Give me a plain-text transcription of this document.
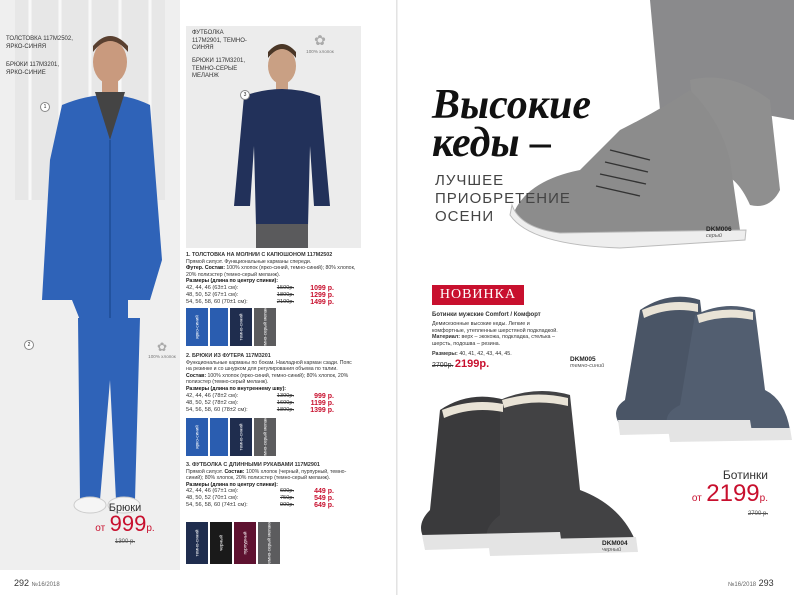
ТОЛСТОВКА 117M2502, ЯРКО-СИНЯЯ
БРЮКИ 117M3201, ЯРКО-СИНИЕ
1
2	✿
100% хлопок
Брюки
от 999р.
1300 р.
ФУТБОЛКА 117M2901, ТЕМНО-СИНЯЯ
БРЮКИ 117M3201, ТЕМНО-СЕРЫЕ МЕЛАНЖ
✿
100% хлопок
3
1. ТОЛСТОВКА НА МОЛНИИ С КАПЮШОНОМ 117M2502
Прямой силуэт. Функциональные карманы спереди.
Футер. Состав: 100% хлопок (ярко-синий, темно-синий); 80% хлопок, 20% полиэстер (темно-серый меланж).
Размеры (длина по центру спинки):
42, 44, 46 (63±1 см):	1500р.	1099 р.
48, 50, 52 (67±1 см):	1800р.	1299 р.
54, 56, 58, 60 (70±1 см):	2100р.	1499 р.
ярко-синий	темно-синий	темно-серый меланж
2. БРЮКИ ИЗ ФУТЕРА 117M3201
Функциональные карманы по бокам. Накладной карман сзади. Пояс на резинке и со шнурком для регулирования объема по талии.
Состав: 100% хлопок (ярко-синий, темно-синий); 80% хлопок, 20% полиэстер (темно-серый меланж).
Размеры (длина по внутреннему шву):
42, 44, 46 (78±2 см):	1300р.	999 р.
48, 50, 52 (78±2 см):	1600р.	1199 р.
54, 56, 58, 60 (78±2 см):	1800р.	1399 р.
ярко-синий	темно-синий	темно-серый меланж
3. ФУТБОЛКА С ДЛИННЫМИ РУКАВАМИ 117M2901
Прямой силуэт. Состав: 100% хлопок (черный, пурпурный, темно-синий); 80% хлопок, 20% полиэстер (темно-серый меланж).
Размеры (длина по центру спинки):
42, 44, 46 (67±1 см):	600р.	449 р.
48, 50, 52 (70±1 см):	750р.	549 р.
54, 56, 58, 60 (74±1 см):	900р.	649 р.
темно-синий	черный	пурпурный	темно-серый меланж
292 №16/2018
DKM006
серый
Высокие
кеды –
ЛУЧШЕЕ
ПРИОБРЕТЕНИЕ
ОСЕНИ
НОВИНКА
Ботинки мужские Comfort / Комфорт
Демисезонные высокие кеды. Легкие и комфортные, утепленные шерстяной подкладкой. Материал: верх – экокожа, подкладка, стелька – шерсть, подошва – резина.
Размеры: 40, 41, 42, 43, 44, 45.
2700р. 2199р.	DKM005
темно-синий
DKM004
черный
Ботинки
от 2199р.
2700 р.
№16/2018 293
